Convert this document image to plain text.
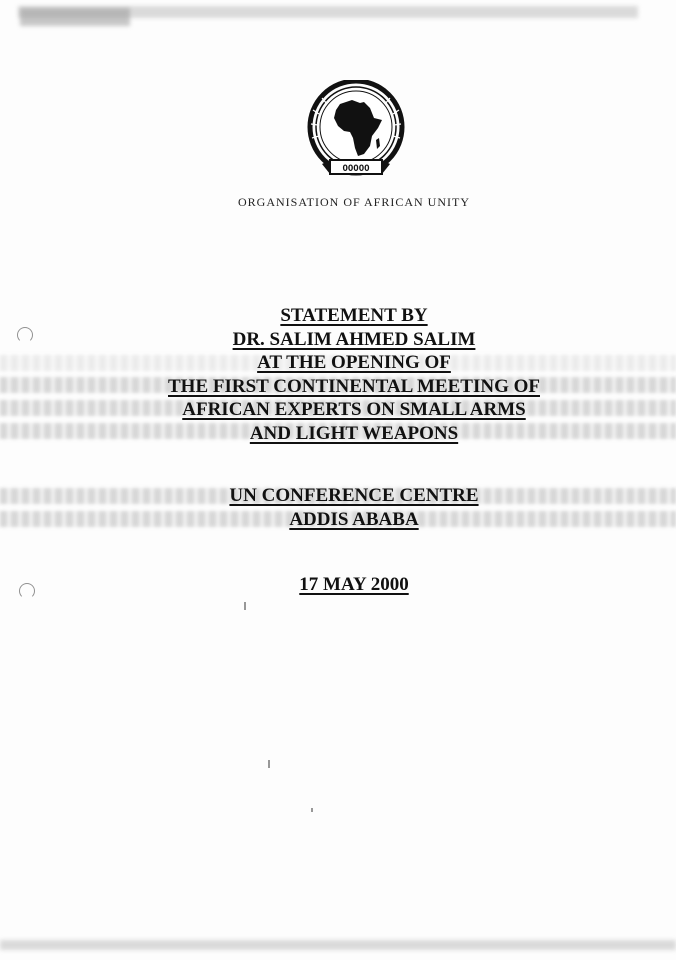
OOOOO
ORGANISATION OF AFRICAN UNITY
STATEMENT BY
DR. SALIM AHMED SALIM
AT THE OPENING OF
THE FIRST CONTINENTAL MEETING OF
AFRICAN EXPERTS ON SMALL ARMS
AND LIGHT WEAPONS
UN CONFERENCE CENTRE
ADDIS ABABA
17 MAY 2000
